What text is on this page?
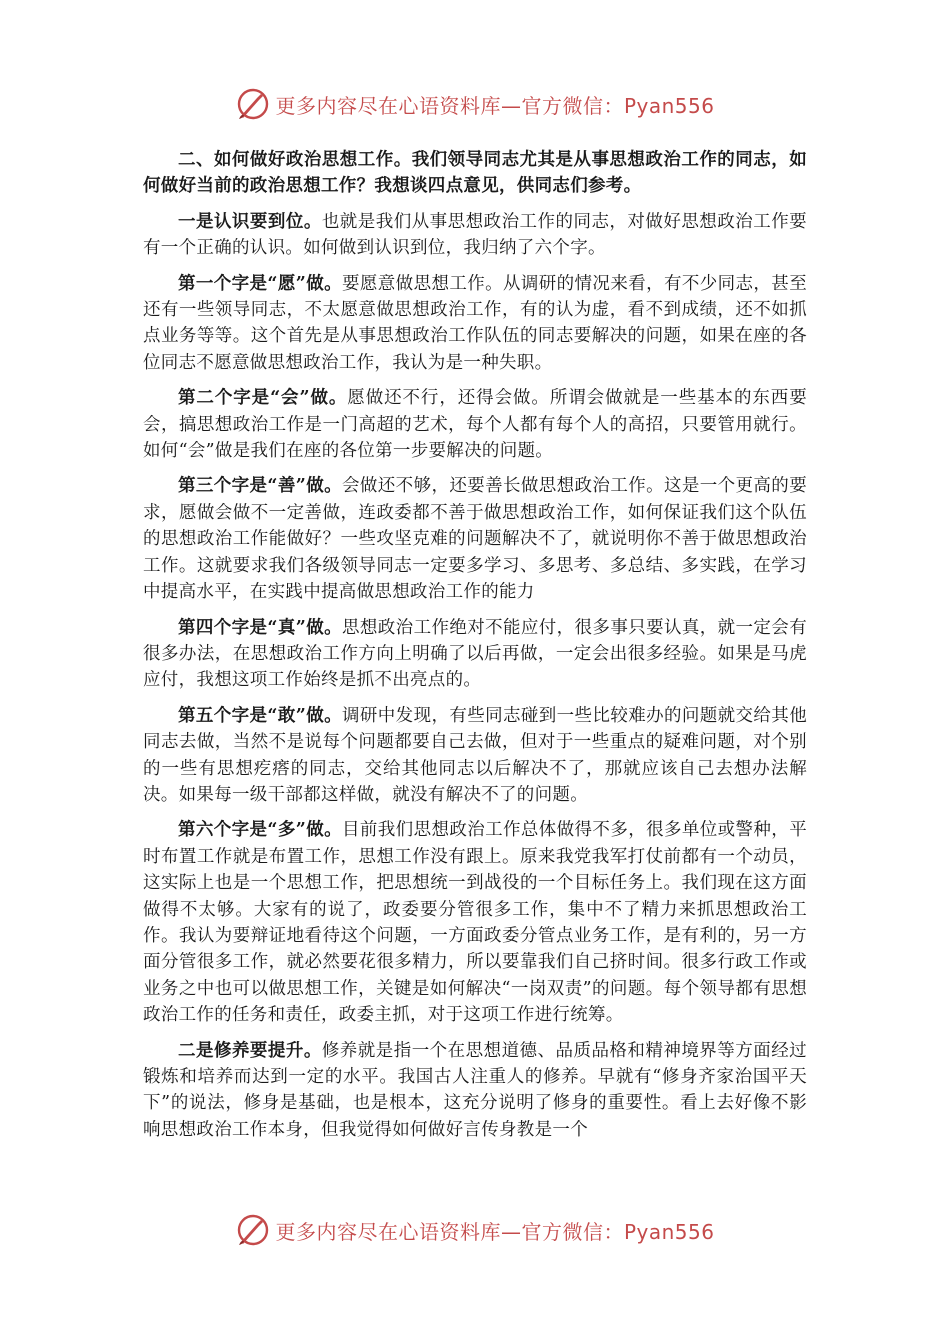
更多内容尽在心语资料库—官方微信：Pyan556

二、如何做好政治思想工作。我们领导同志尤其是从事思想政治工作的同志，如何做好当前的政治思想工作？我想谈四点意见，供同志们参考。

一是认识要到位。也就是我们从事思想政治工作的同志，对做好思想政治工作要有一个正确的认识。如何做到认识到位，我归纳了六个字。

第一个字是“愿”做。要愿意做思想工作。从调研的情况来看，有不少同志，甚至还有一些领导同志，不太愿意做思想政治工作，有的认为虚，看不到成绩，还不如抓点业务等等。这个首先是从事思想政治工作队伍的同志要解决的问题，如果在座的各位同志不愿意做思想政治工作，我认为是一种失职。

第二个字是“会”做。愿做还不行，还得会做。所谓会做就是一些基本的东西要会，搞思想政治工作是一门高超的艺术，每个人都有每个人的高招，只要管用就行。如何“会”做是我们在座的各位第一步要解决的问题。

第三个字是“善”做。会做还不够，还要善长做思想政治工作。这是一个更高的要求，愿做会做不一定善做，连政委都不善于做思想政治工作，如何保证我们这个队伍的思想政治工作能做好？一些攻坚克难的问题解决不了，就说明你不善于做思想政治工作。这就要求我们各级领导同志一定要多学习、多思考、多总结、多实践，在学习中提高水平，在实践中提高做思想政治工作的能力

第四个字是“真”做。思想政治工作绝对不能应付，很多事只要认真，就一定会有很多办法，在思想政治工作方向上明确了以后再做，一定会出很多经验。如果是马虎应付，我想这项工作始终是抓不出亮点的。

第五个字是“敢”做。调研中发现，有些同志碰到一些比较难办的问题就交给其他同志去做，当然不是说每个问题都要自己去做，但对于一些重点的疑难问题，对个别的一些有思想疙瘩的同志，交给其他同志以后解决不了，那就应该自己去想办法解决。如果每一级干部都这样做，就没有解决不了的问题。

第六个字是“多”做。目前我们思想政治工作总体做得不多，很多单位或警种，平时布置工作就是布置工作，思想工作没有跟上。原来我党我军打仗前都有一个动员，这实际上也是一个思想工作，把思想统一到战役的一个目标任务上。我们现在这方面做得不太够。大家有的说了，政委要分管很多工作，集中不了精力来抓思想政治工作。我认为要辩证地看待这个问题，一方面政委分管点业务工作，是有利的，另一方面分管很多工作，就必然要花很多精力，所以要靠我们自己挤时间。很多行政工作或业务之中也可以做思想工作，关键是如何解决“一岗双责”的问题。每个领导都有思想政治工作的任务和责任，政委主抓，对于这项工作进行统筹。

二是修养要提升。修养就是指一个在思想道德、品质品格和精神境界等方面经过锻炼和培养而达到一定的水平。我国古人注重人的修养。早就有“修身齐家治国平天下”的说法，修身是基础，也是根本，这充分说明了修身的重要性。看上去好像不影响思想政治工作本身，但我觉得如何做好言传身教是一个

更多内容尽在心语资料库—官方微信：Pyan556
